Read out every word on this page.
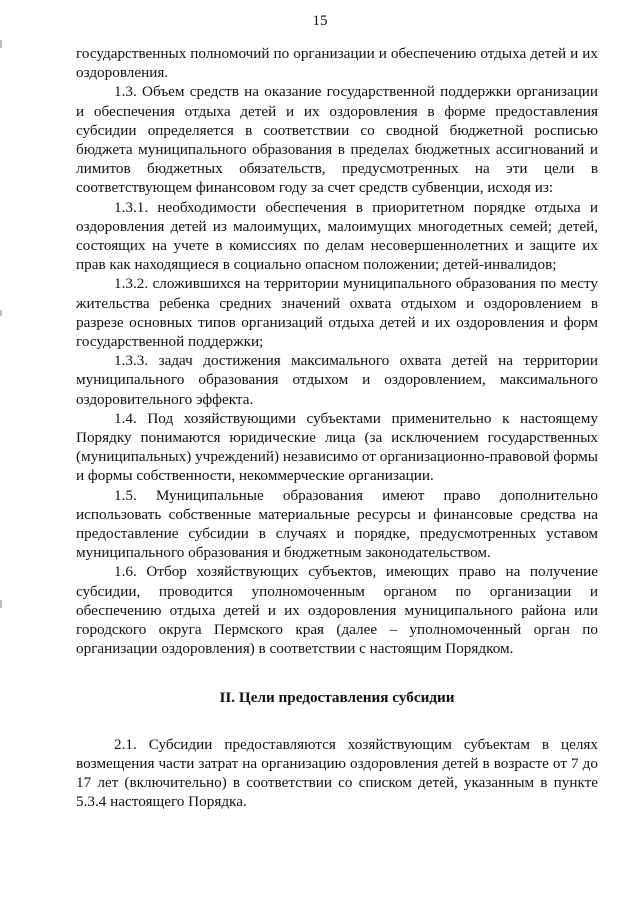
15

государственных полномочий по организации и обеспечению отдыха детей и их оздоровления.

1.3. Объем средств на оказание государственной поддержки организации и обеспечения отдыха детей и их оздоровления в форме предоставления субсидии определяется в соответствии со сводной бюджетной росписью бюджета муниципального образования в пределах бюджетных ассигнований и лимитов бюджетных обязательств, предусмотренных на эти цели в соответствующем финансовом году за счет средств субвенции, исходя из:

1.3.1. необходимости обеспечения в приоритетном порядке отдыха и оздоровления детей из малоимущих, малоимущих многодетных семей; детей, состоящих на учете в комиссиях по делам несовершеннолетних и защите их прав как находящиеся в социально опасном положении; детей-инвалидов;

1.3.2. сложившихся на территории муниципального образования по месту жительства ребенка средних значений охвата отдыхом и оздоровлением в разрезе основных типов организаций отдыха детей и их оздоровления и форм государственной поддержки;

1.3.3. задач достижения максимального охвата детей на территории муниципального образования отдыхом и оздоровлением, максимального оздоровительного эффекта.

1.4. Под хозяйствующими субъектами применительно к настоящему Порядку понимаются юридические лица (за исключением государственных (муниципальных) учреждений) независимо от организационно-правовой формы и формы собственности, некоммерческие организации.

1.5. Муниципальные образования имеют право дополнительно использовать собственные материальные ресурсы и финансовые средства на предоставление субсидии в случаях и порядке, предусмотренных уставом муниципального образования и бюджетным законодательством.

1.6. Отбор хозяйствующих субъектов, имеющих право на получение субсидии, проводится уполномоченным органом по организации и обеспечению отдыха детей и их оздоровления муниципального района или городского округа Пермского края (далее – уполномоченный орган по организации оздоровления) в соответствии с настоящим Порядком.

II. Цели предоставления субсидии

2.1. Субсидии предоставляются хозяйствующим субъектам в целях возмещения части затрат на организацию оздоровления детей в возрасте от 7 до 17 лет (включительно) в соответствии со списком детей, указанным в пункте 5.3.4 настоящего Порядка.
